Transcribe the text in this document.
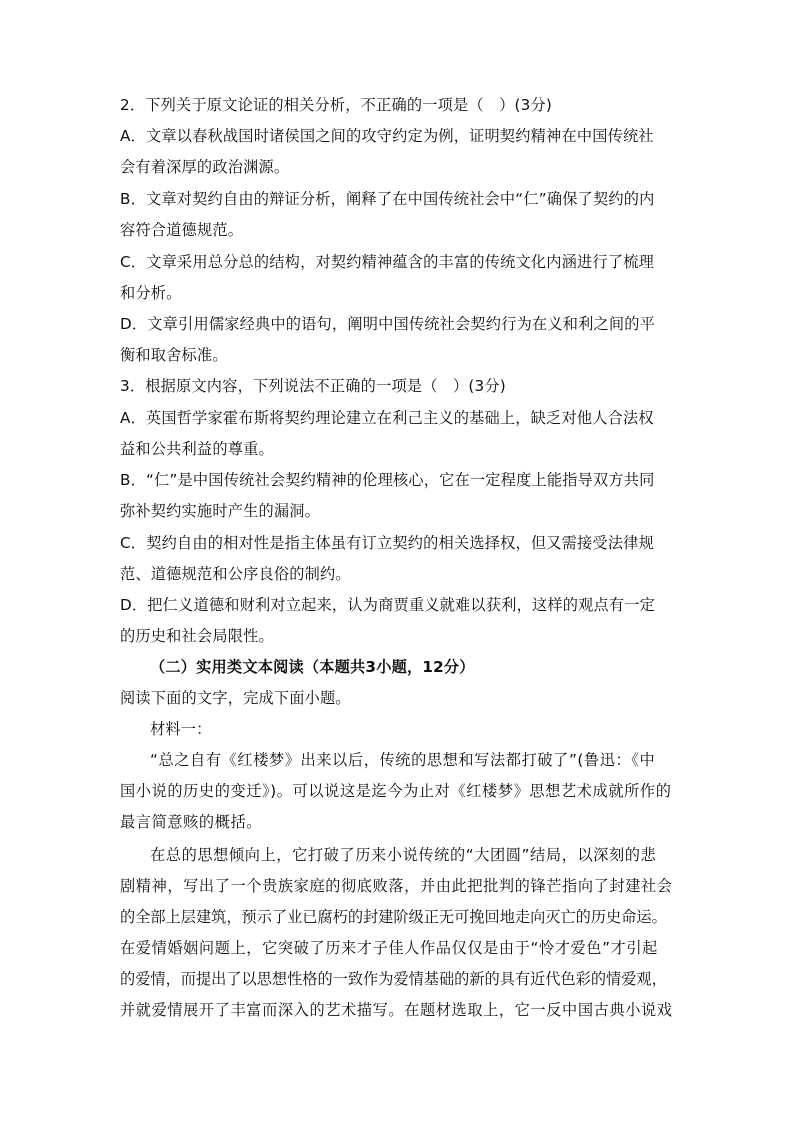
2．下列关于原文论证的相关分析，不正确的一项是（　）(3分)
A．文章以春秋战国时诸侯国之间的攻守约定为例，证明契约精神在中国传统社
会有着深厚的政治渊源。
B．文章对契约自由的辩证分析，阐释了在中国传统社会中“仁”确保了契约的内
容符合道德规范。
C．文章采用总分总的结构，对契约精神蕴含的丰富的传统文化内涵进行了梳理
和分析。
D．文章引用儒家经典中的语句，阐明中国传统社会契约行为在义和利之间的平
衡和取舍标准。
3．根据原文内容，下列说法不正确的一项是（　）(3分)
A．英国哲学家霍布斯将契约理论建立在利己主义的基础上，缺乏对他人合法权
益和公共利益的尊重。
B．“仁”是中国传统社会契约精神的伦理核心，它在一定程度上能指导双方共同
弥补契约实施时产生的漏洞。
C．契约自由的相对性是指主体虽有订立契约的相关选择权，但又需接受法律规
范、道德规范和公序良俗的制约。
D．把仁义道德和财利对立起来，认为商贾重义就难以获利，这样的观点有一定
的历史和社会局限性。
（二）实用类文本阅读（本题共3小题，12分）
阅读下面的文字，完成下面小题。
材料一：
“总之自有《红楼梦》出来以后，传统的思想和写法都打破了”(鲁迅：《中
国小说的历史的变迁》)。可以说这是迄今为止对《红楼梦》思想艺术成就所作的
最言简意赅的概括。
在总的思想倾向上，它打破了历来小说传统的“大团圆”结局，以深刻的悲
剧精神，写出了一个贵族家庭的彻底败落，并由此把批判的锋芒指向了封建社会
的全部上层建筑，预示了业已腐朽的封建阶级正无可挽回地走向灭亡的历史命运。
在爱情婚姻问题上，它突破了历来才子佳人作品仅仅是由于“怜才爱色”才引起
的爱情，而提出了以思想性格的一致作为爱情基础的新的具有近代色彩的情爱观，
并就爱情展开了丰富而深入的艺术描写。在题材选取上，它一反中国古典小说戏
